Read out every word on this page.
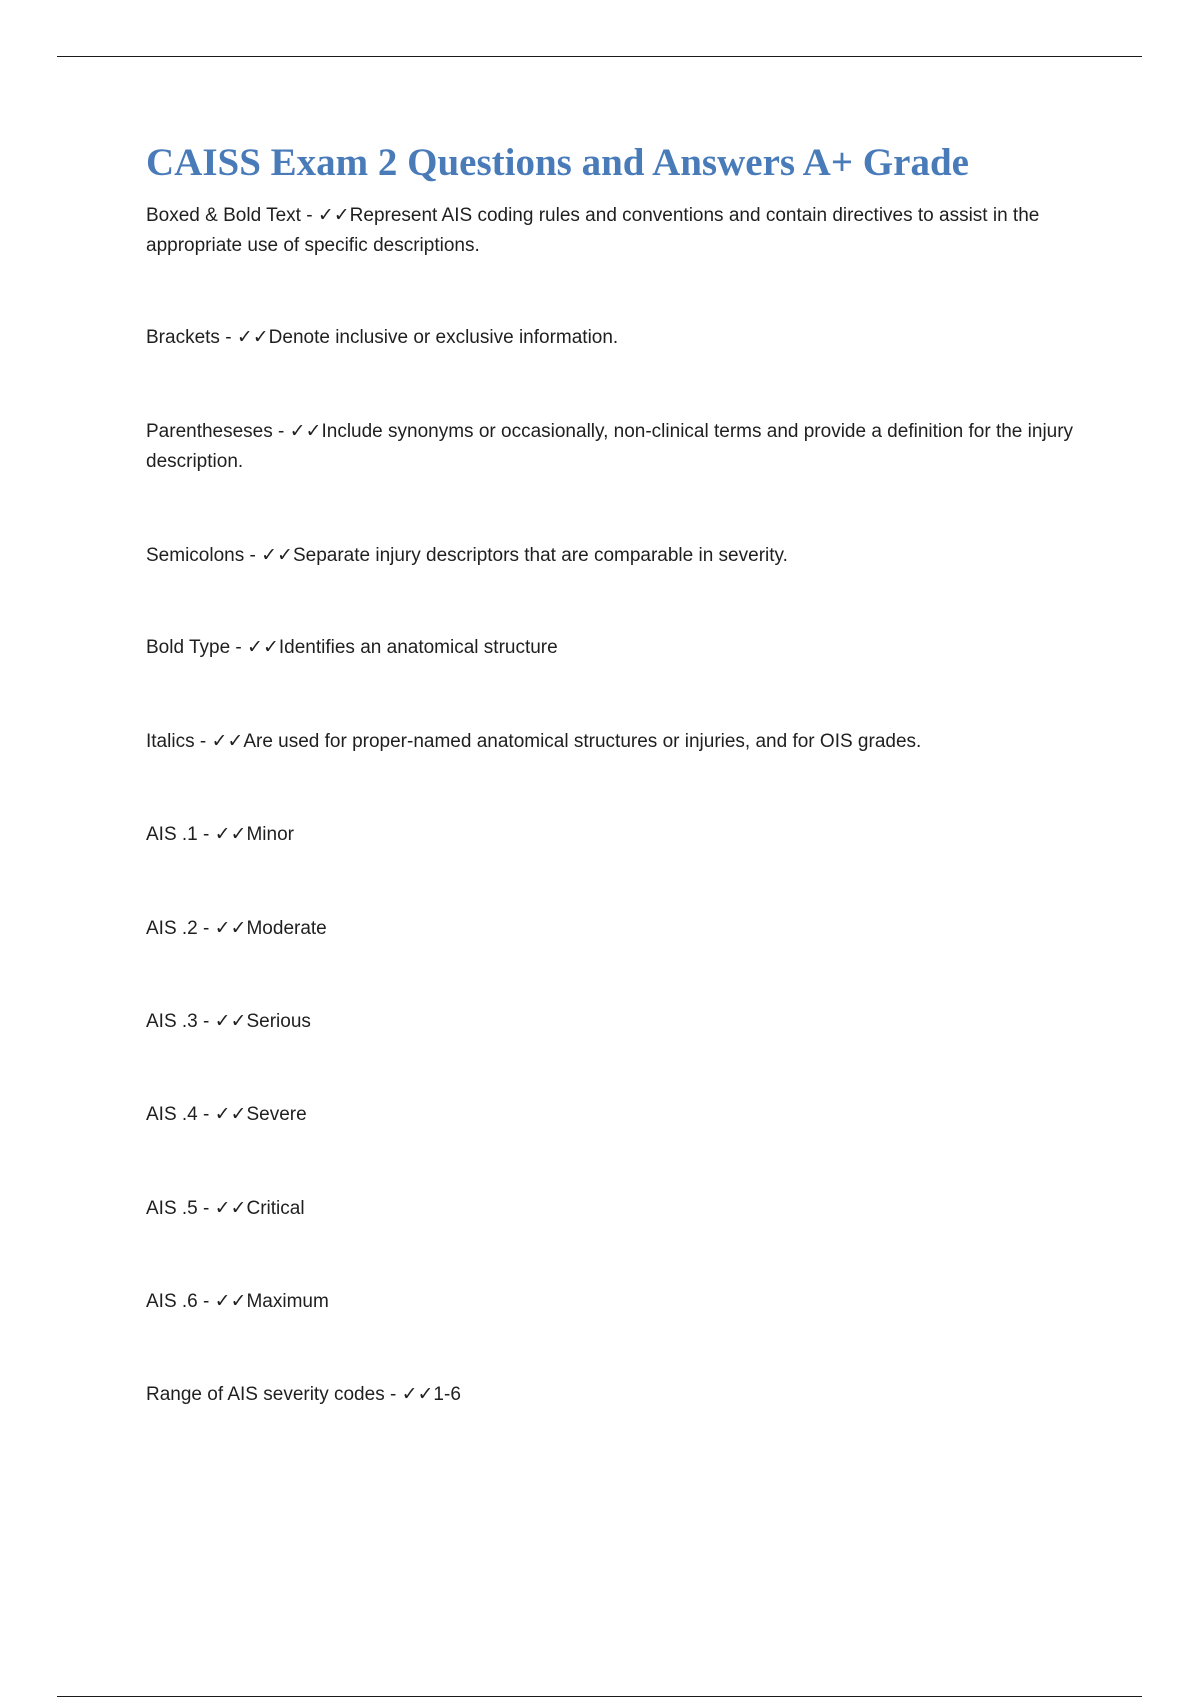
CAISS Exam 2 Questions and Answers A+ Grade

Boxed & Bold Text - ✓✓Represent AIS coding rules and conventions and contain directives to assist in the appropriate use of specific descriptions.

Brackets - ✓✓Denote inclusive or exclusive information.

Parentheseses - ✓✓Include synonyms or occasionally, non-clinical terms and provide a definition for the injury description.

Semicolons - ✓✓Separate injury descriptors that are comparable in severity.

Bold Type - ✓✓Identifies an anatomical structure

Italics - ✓✓Are used for proper-named anatomical structures or injuries, and for OIS grades.

AIS .1 - ✓✓Minor

AIS .2 - ✓✓Moderate

AIS .3 - ✓✓Serious

AIS .4 - ✓✓Severe

AIS .5 - ✓✓Critical

AIS .6 - ✓✓Maximum

Range of AIS severity codes - ✓✓1-6
